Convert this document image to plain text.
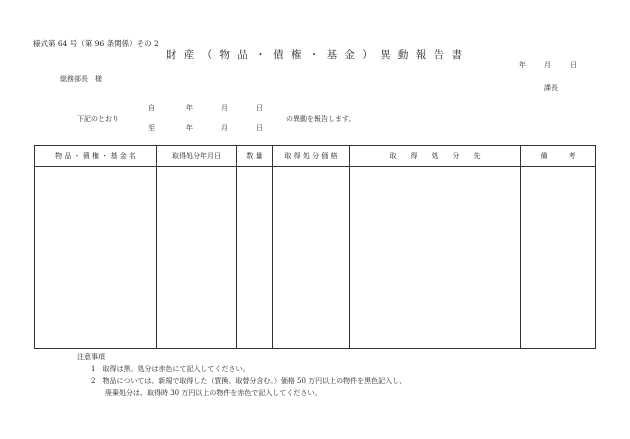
様式第 64 号（第 96 条関係）その 2
財 産 （ 物 品 ・ 債 権 ・ 基 金 ） 異 動 報 告 書
年	月	日
総務部長　様
課長
下記のとおり
自	年	月	日
至	年	月	日
の異動を報告します。
物 品 ・ 債 権 ・ 基 金 名	取得処分年月日	数 量	取 得 処 分 価 格	取　　得　　処　　分　　先	備　　　考

注意事項
1　取得は黒、処分は赤色にて記入してください。
2　物品については、新規で取得した（買換、取替分含む。）価格 50 万円以上の物件を黒色記入し、
　　廃棄処分は、取得時 30 万円以上の物件を赤色で記入してください。
